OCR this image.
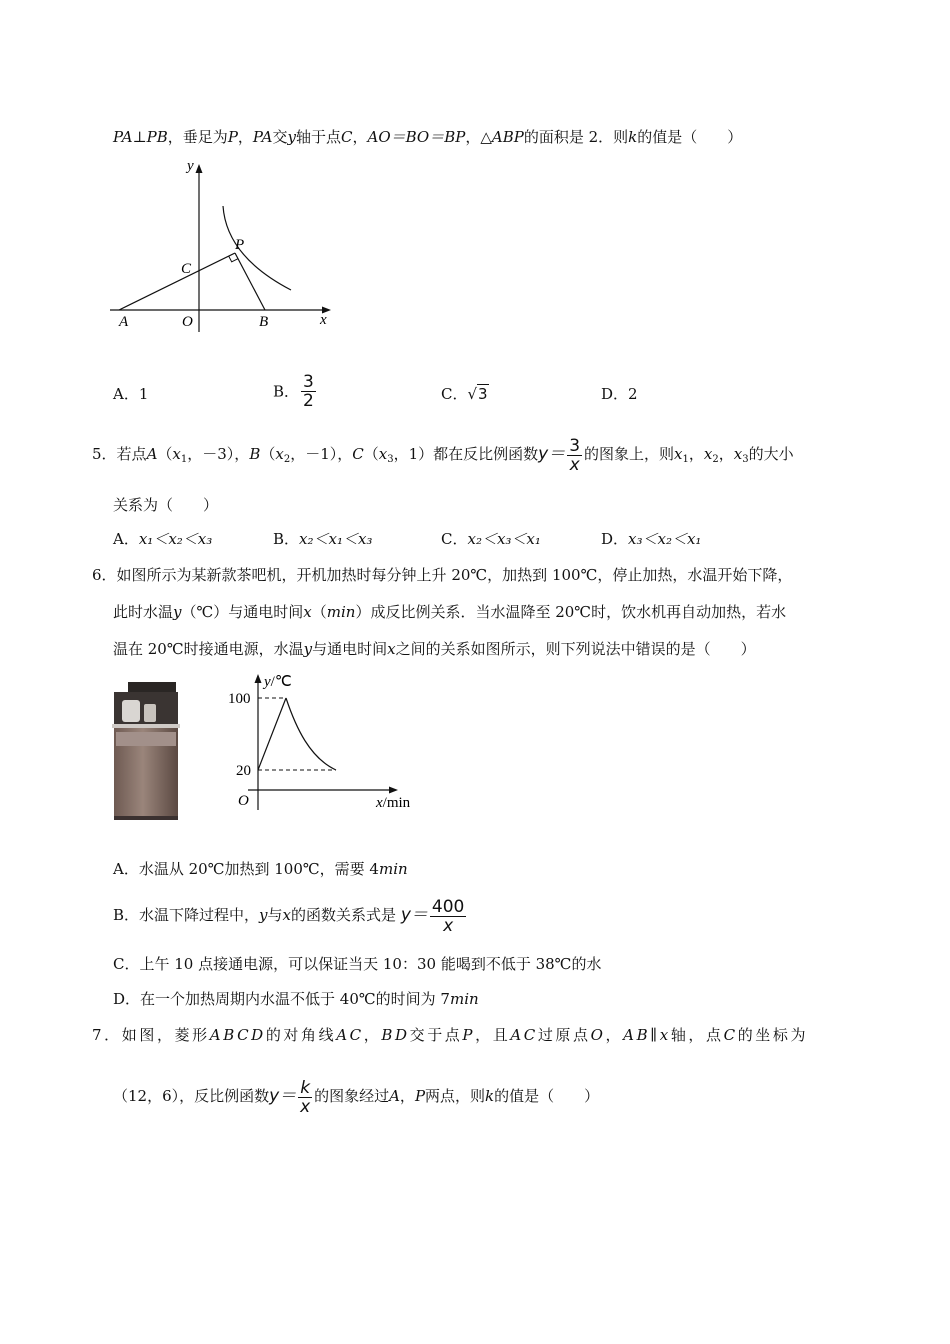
PA⊥PB，垂足为P，PA交y轴于点C，AO＝BO＝BP，△ABP的面积是 2．则k的值是（　　）
y
x
P
C
A	O	B
A．1	B． $\frac{3}{2}$	C．√3	D．2
5．若点$A(x_1$，－3），$B(x_2$，－1），$C(x_3$，1）都在反比例函数$y= \frac{3}{x}$ 的图象上，则$x_1$，$x_2$，$x_3$的大小
关系为（　　）
A．x₁＜x₂＜x₃	B．x₂＜x₁＜x₃	C．x₂＜x₃＜x₁	D．x₃＜x₂＜x₁
6．如图所示为某新款茶吧机，开机加热时每分钟上升 20℃，加热到 100℃，停止加热，水温开始下降，
此时水温y（℃）与通电时间x（min）成反比例关系．当水温降至 20℃时，饮水机再自动加热，若水
温在 20℃时接通电源，水温y与通电时间x之间的关系如图所示，则下列说法中错误的是（　　）
y/℃
100
20
O	x/min
A．水温从 20℃加热到 100℃，需要 4min
B．水温下降过程中，y与x的函数关系式是 $y= \frac{400}{x}$
C．上午 10 点接通电源，可以保证当天 10：30 能喝到不低于 38℃的水
D．在一个加热周期内水温不低于 40℃的时间为 7min
7．如图，菱形ABCD的对角线AC，BD交于点P，且AC过原点O，AB∥x轴，点C的坐标为
（12，6），反比例函数$y= \frac{k}{x}$ 的图象经过A，P两点，则k的值是（　　）
